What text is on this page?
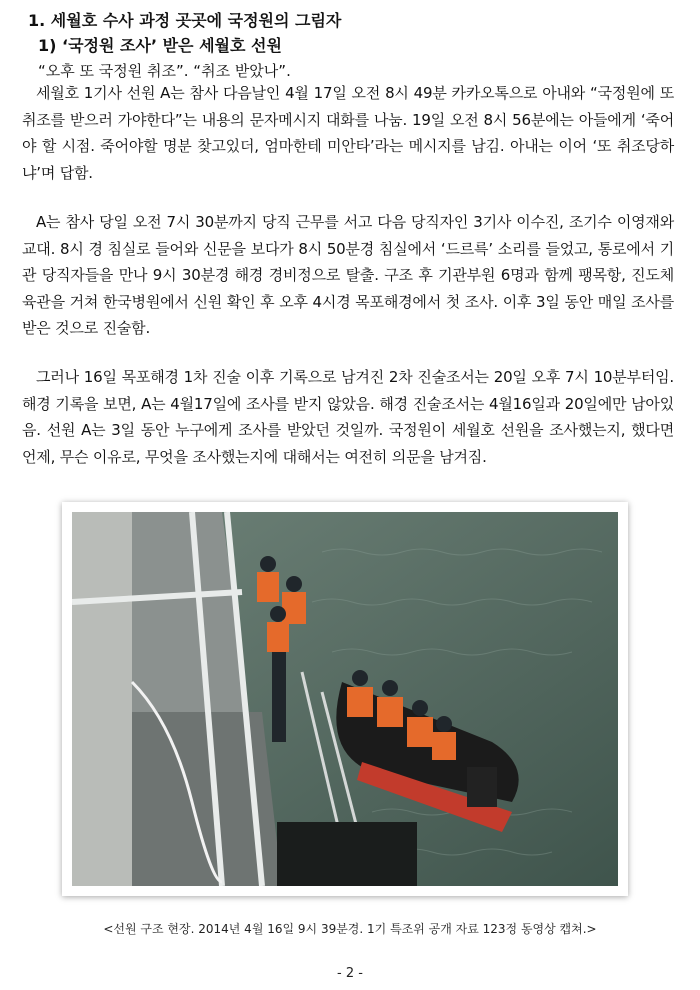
1. 세월호 수사 과정 곳곳에 국정원의 그림자
1) ‘국정원 조사’ 받은 세월호 선원
“오후 또 국정원 취조”. “취조 받았나”.
세월호 1기사 선원 A는 참사 다음날인 4월 17일 오전 8시 49분 카카오톡으로 아내와 “국정원에 또 취조를 받으러 가야한다”는 내용의 문자메시지 대화를 나눔. 19일 오전 8시 56분에는 아들에게 ‘죽어야 할 시점. 죽어야할 명분 찾고있더, 엄마한테 미안타’라는 메시지를 남김. 아내는 이어 ‘또 취조당하냐’며 답함.
A는 참사 당일 오전 7시 30분까지 당직 근무를 서고 다음 당직자인 3기사 이수진, 조기수 이영재와 교대. 8시 경 침실로 들어와 신문을 보다가 8시 50분경 침실에서 ‘드르륵’ 소리를 들었고, 통로에서 기관 당직자들을 만나 9시 30분경 해경 경비정으로 탈출. 구조 후 기관부원 6명과 함께 팽목항, 진도체육관을 거쳐 한국병원에서 신원 확인 후 오후 4시경 목포해경에서 첫 조사. 이후 3일 동안 매일 조사를 받은 것으로 진술함.
그러나 16일 목포해경 1차 진술 이후 기록으로 남겨진 2차 진술조서는 20일 오후 7시 10분부터임. 해경 기록을 보면, A는 4월17일에 조사를 받지 않았음. 해경 진술조서는 4월16일과 20일에만 남아있음. 선원 A는 3일 동안 누구에게 조사를 받았던 것일까. 국정원이 세월호 선원을 조사했는지, 했다면 언제, 무슨 이유로, 무엇을 조사했는지에 대해서는 여전히 의문을 남겨짐.
<선원 구조 현장. 2014년 4월 16일 9시 39분경. 1기 특조위 공개 자료 123정 동영상 캡쳐.>
- 2 -
